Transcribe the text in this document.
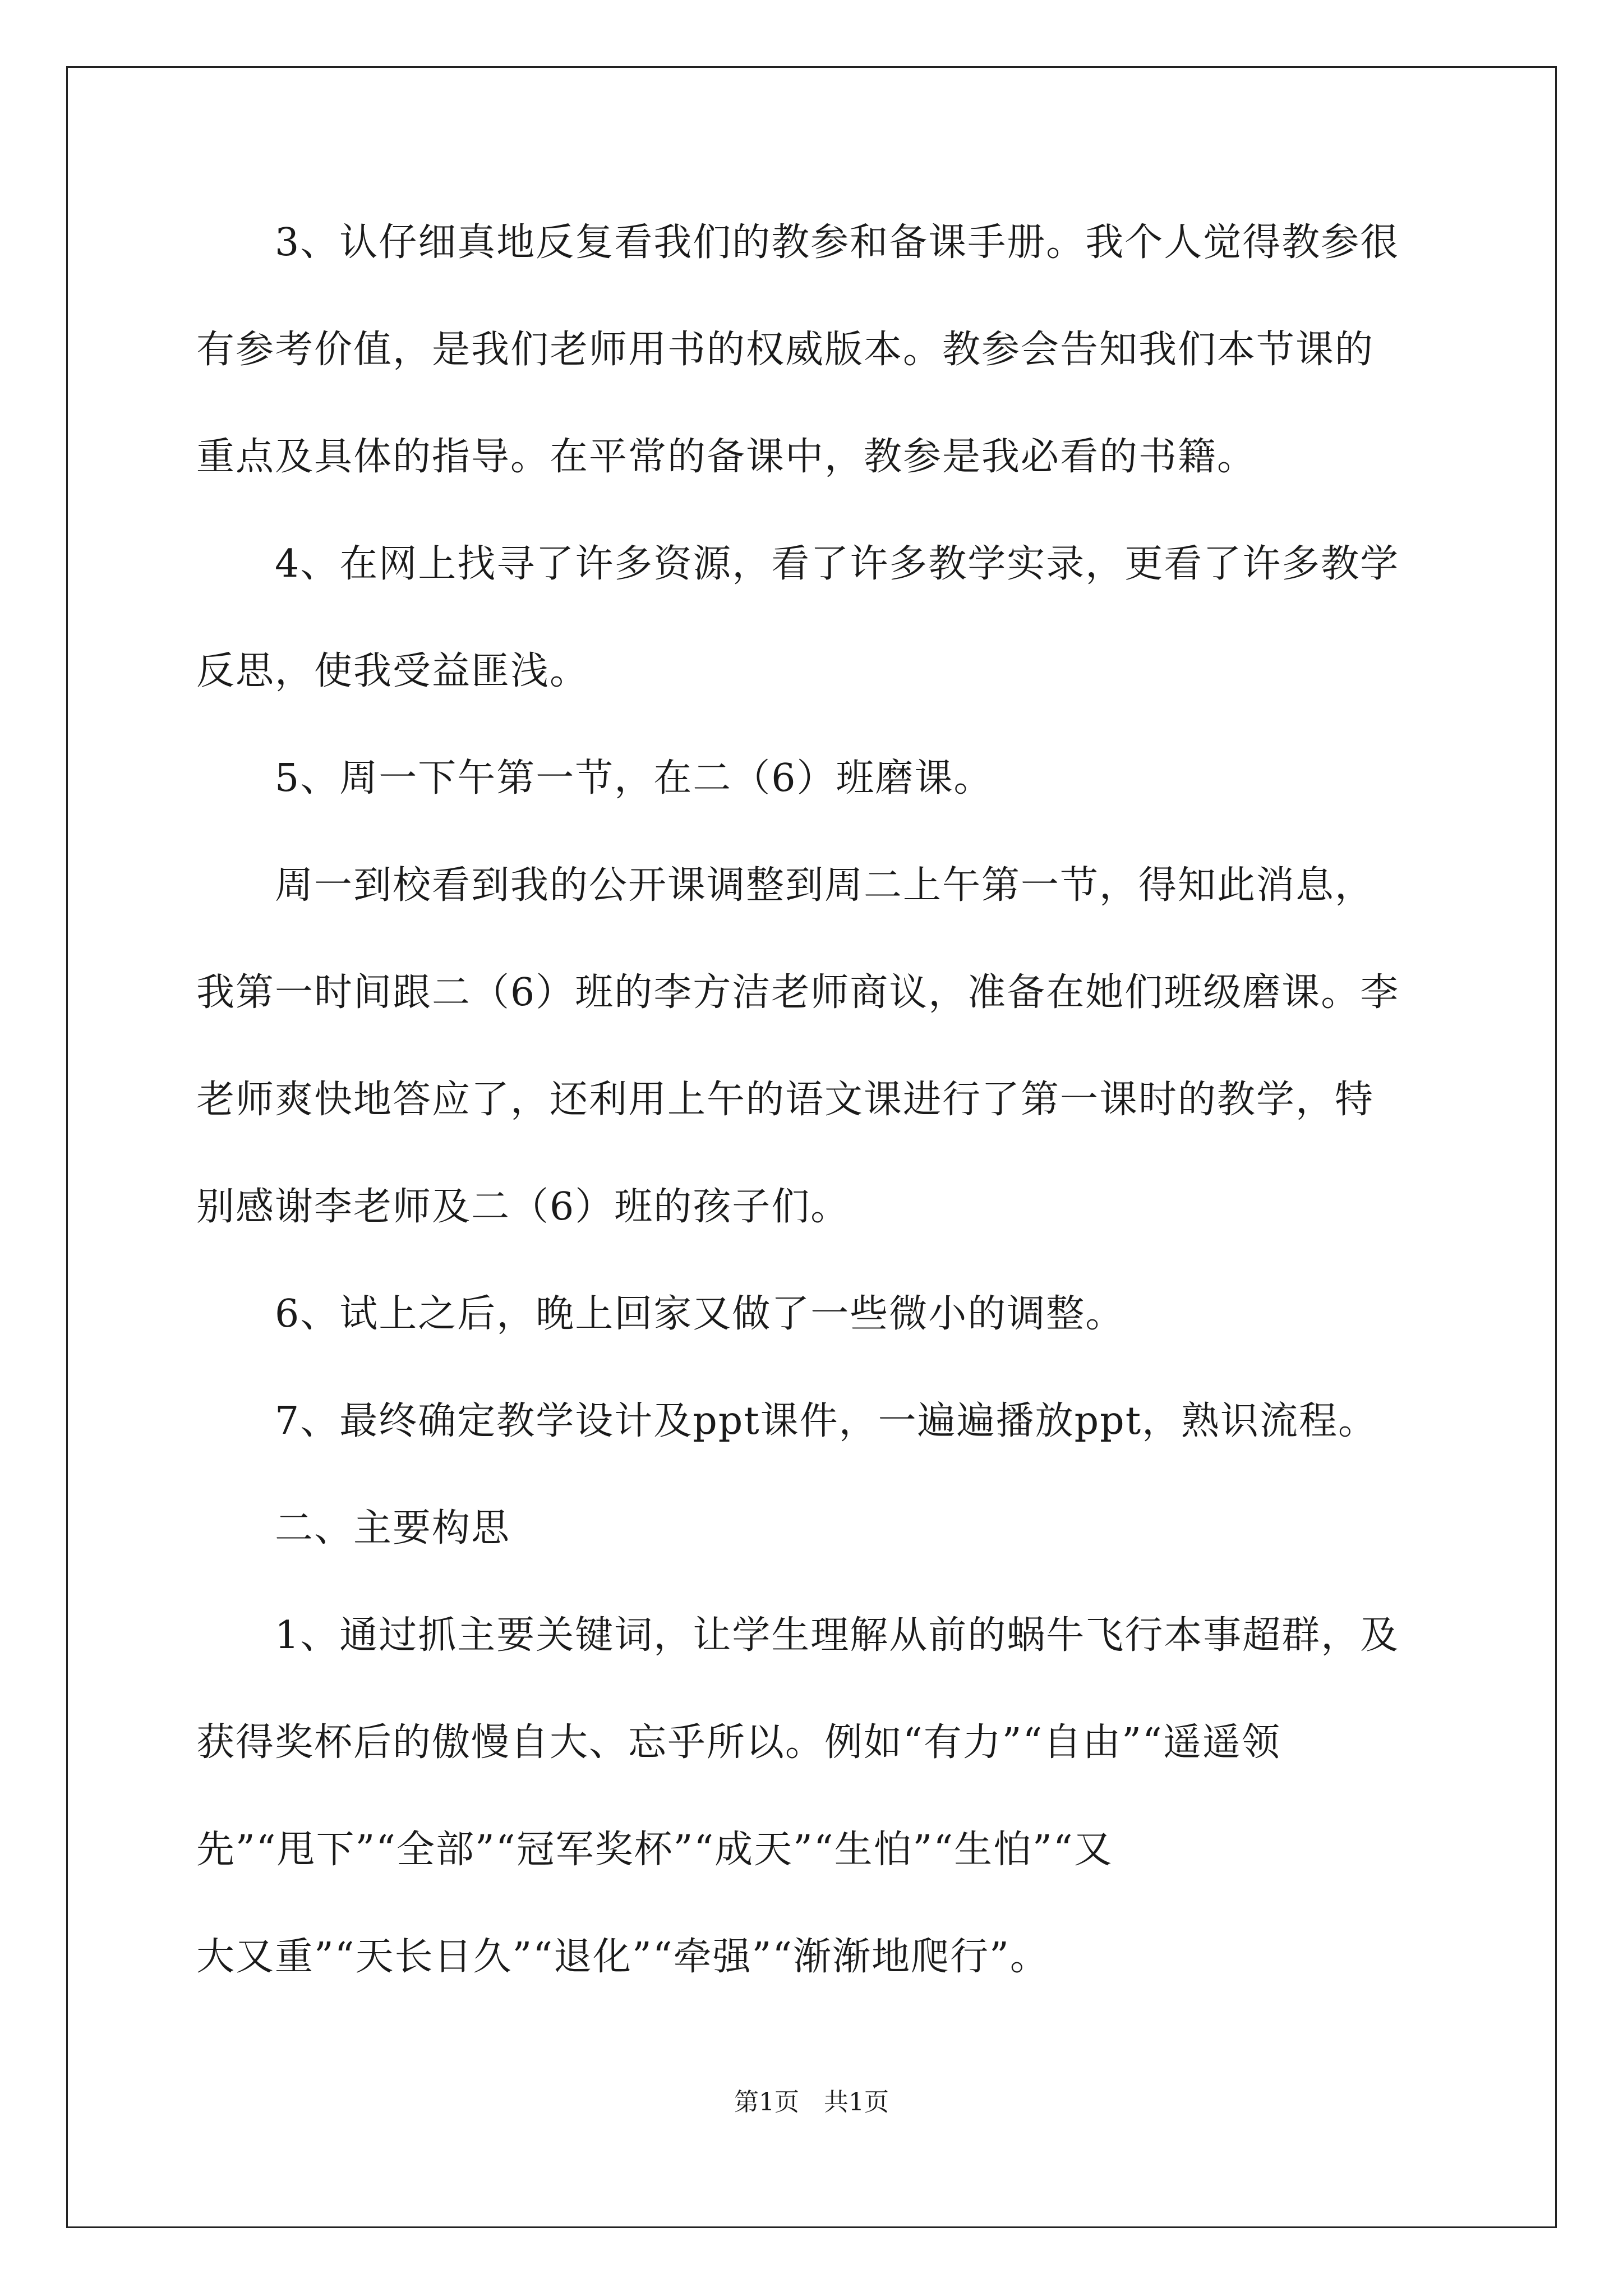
3、认仔细真地反复看我们的教参和备课手册。我个人觉得教参很
有参考价值，是我们老师用书的权威版本。教参会告知我们本节课的
重点及具体的指导。在平常的备课中，教参是我必看的书籍。
4、在网上找寻了许多资源，看了许多教学实录，更看了许多教学
反思，使我受益匪浅。
5、周一下午第一节，在二（6）班磨课。
周一到校看到我的公开课调整到周二上午第一节，得知此消息，
我第一时间跟二（6）班的李方洁老师商议，准备在她们班级磨课。李
老师爽快地答应了，还利用上午的语文课进行了第一课时的教学，特
别感谢李老师及二（6）班的孩子们。
6、试上之后，晚上回家又做了一些微小的调整。
7、最终确定教学设计及ppt课件，一遍遍播放ppt，熟识流程。
二、主要构思
1、通过抓主要关键词，让学生理解从前的蜗牛飞行本事超群，及
获得奖杯后的傲慢自大、忘乎所以。例如“有力”“自由”“遥遥领
先”“甩下”“全部”“冠军奖杯”“成天”“生怕”“生怕”“又
大又重”“天长日久”“退化”“牵强”“渐渐地爬行”。
第1页 共1页
